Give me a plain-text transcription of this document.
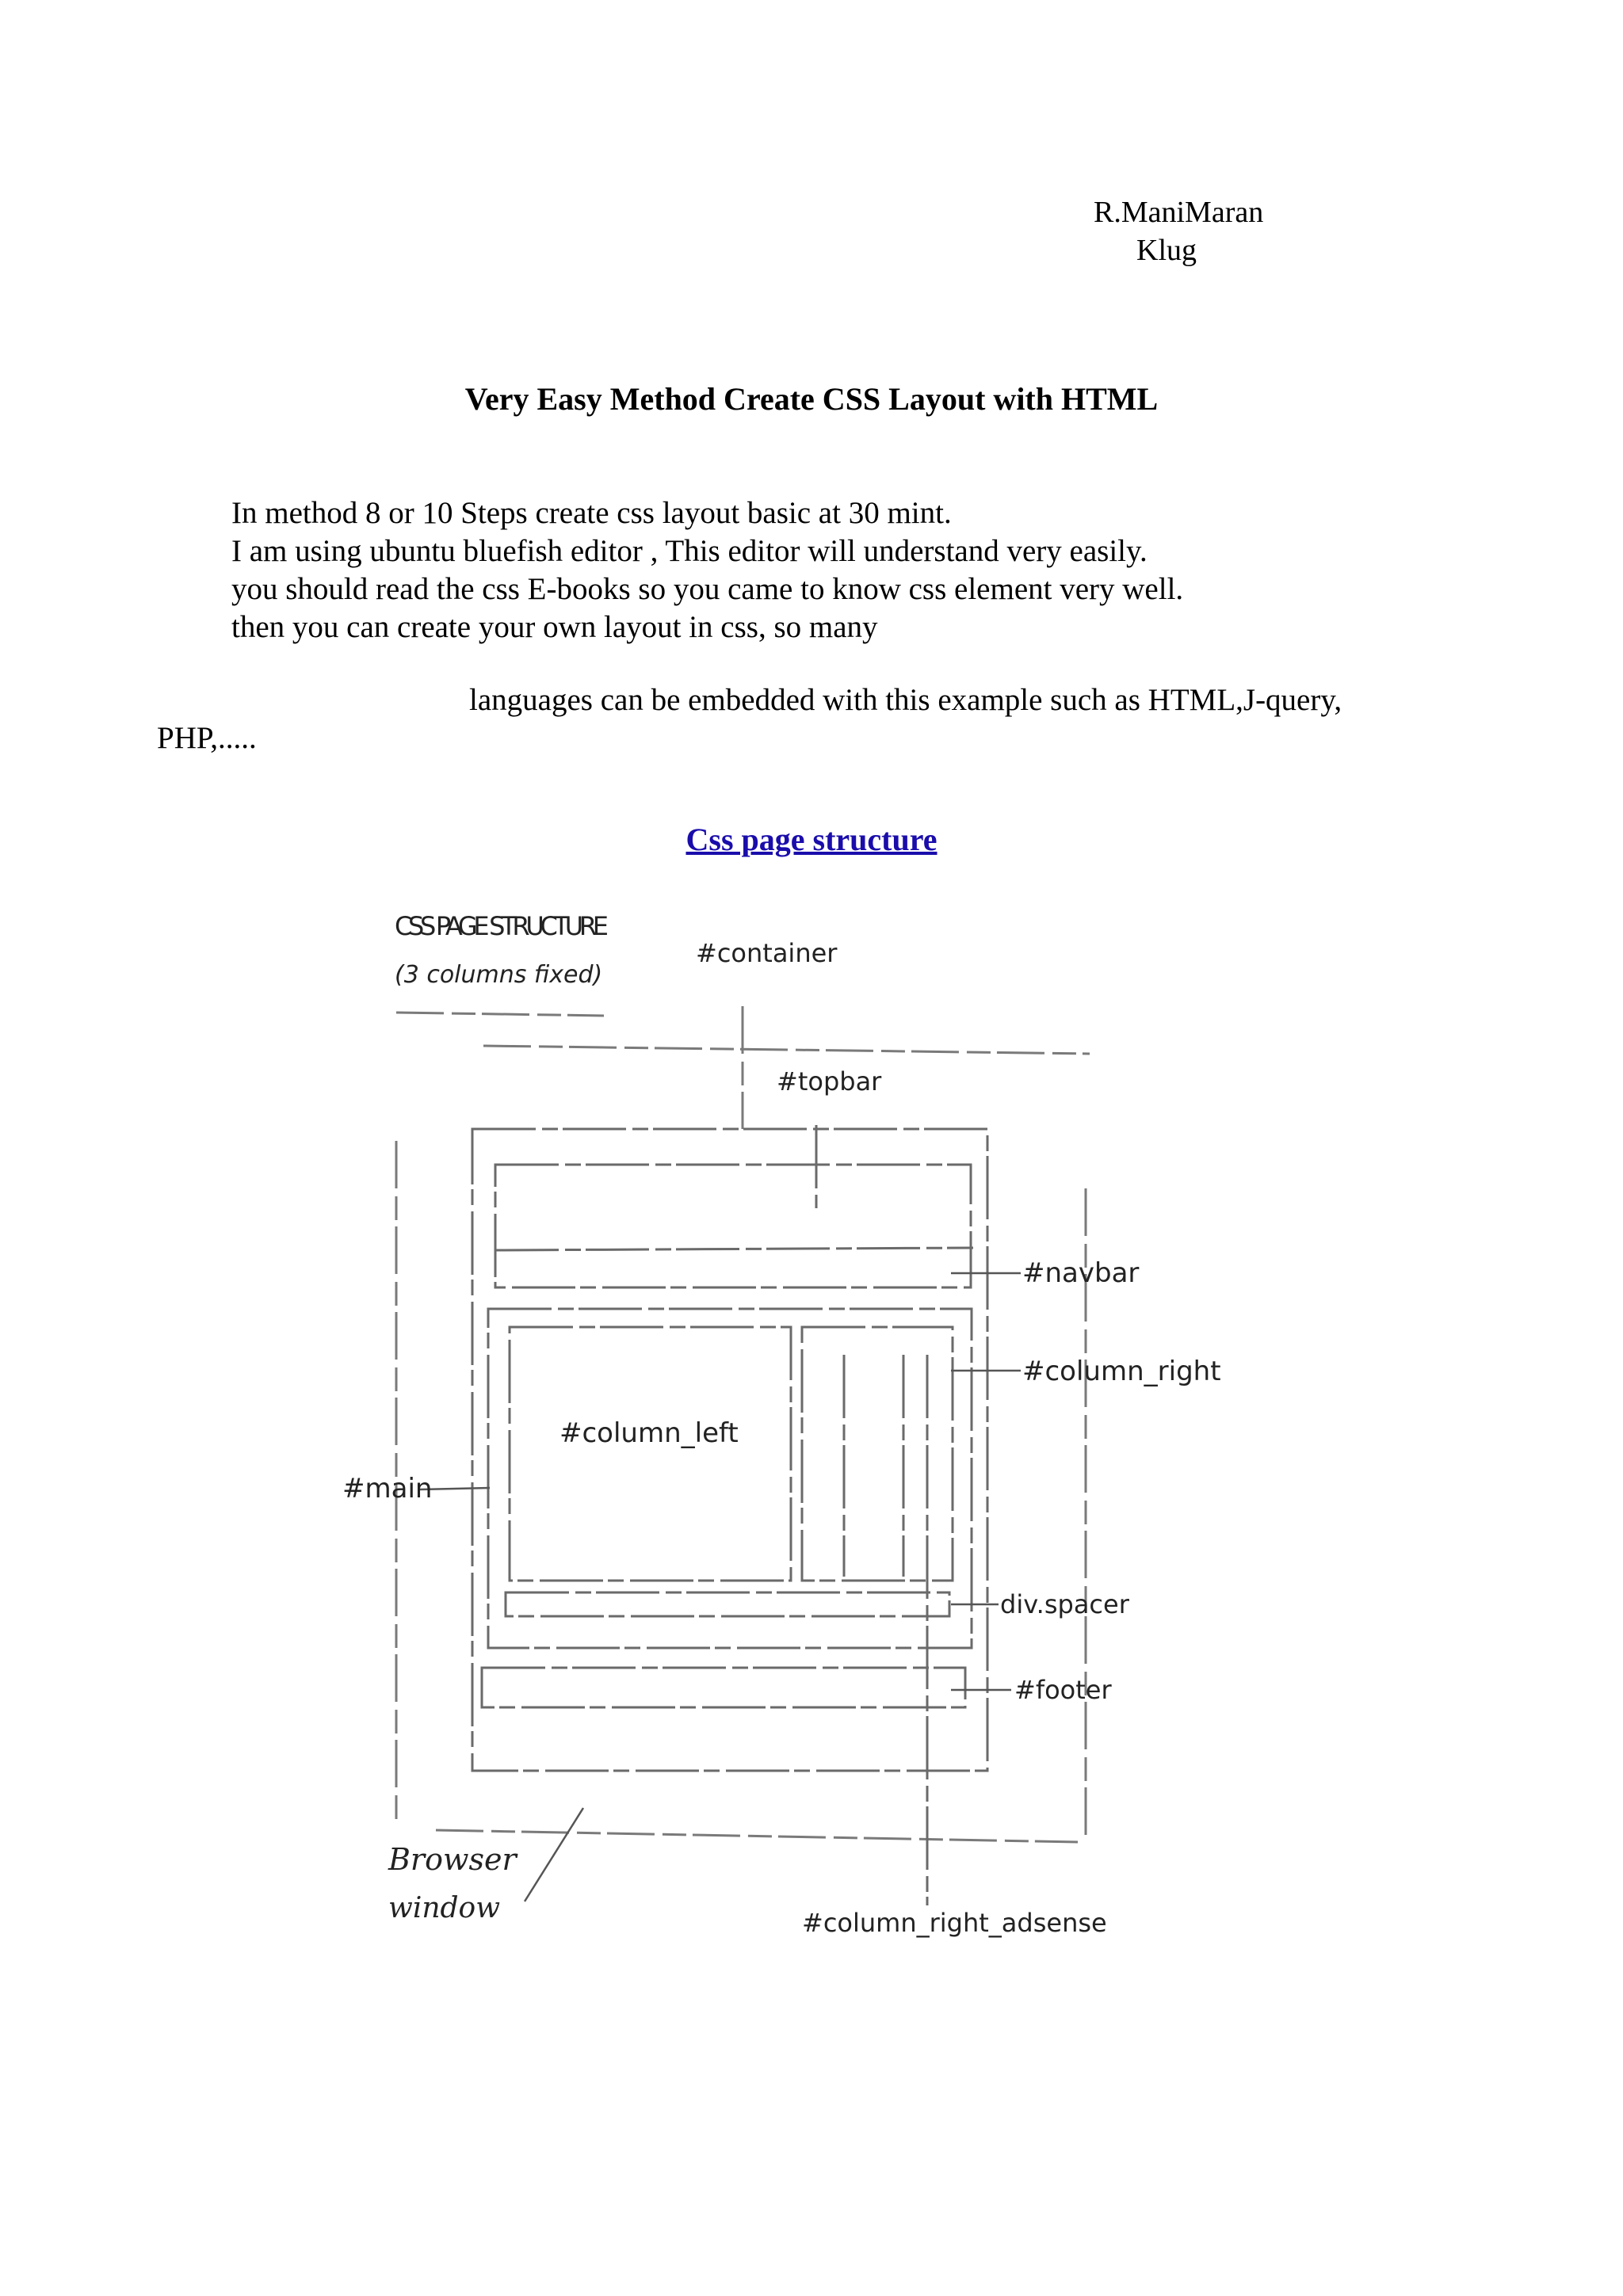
R.ManiMaran
Klug
Very Easy Method Create CSS Layout with HTML
In method 8 or 10 Steps create css layout basic at 30 mint.
I am using ubuntu bluefish editor , This editor will understand very easily.
you should read the css E-books so you came to know css element very well.
then you can create your own layout in css, so many
languages can be embedded with this example such as HTML,J-query,
PHP,.....
Css page structure
CSS PAGE STRUCTURE
(3 columns fixed)
#container
#topbar
#navbar
#column_right
#column_left
#main
div.spacer
#footer
Browser
window	#column_right_adsense
